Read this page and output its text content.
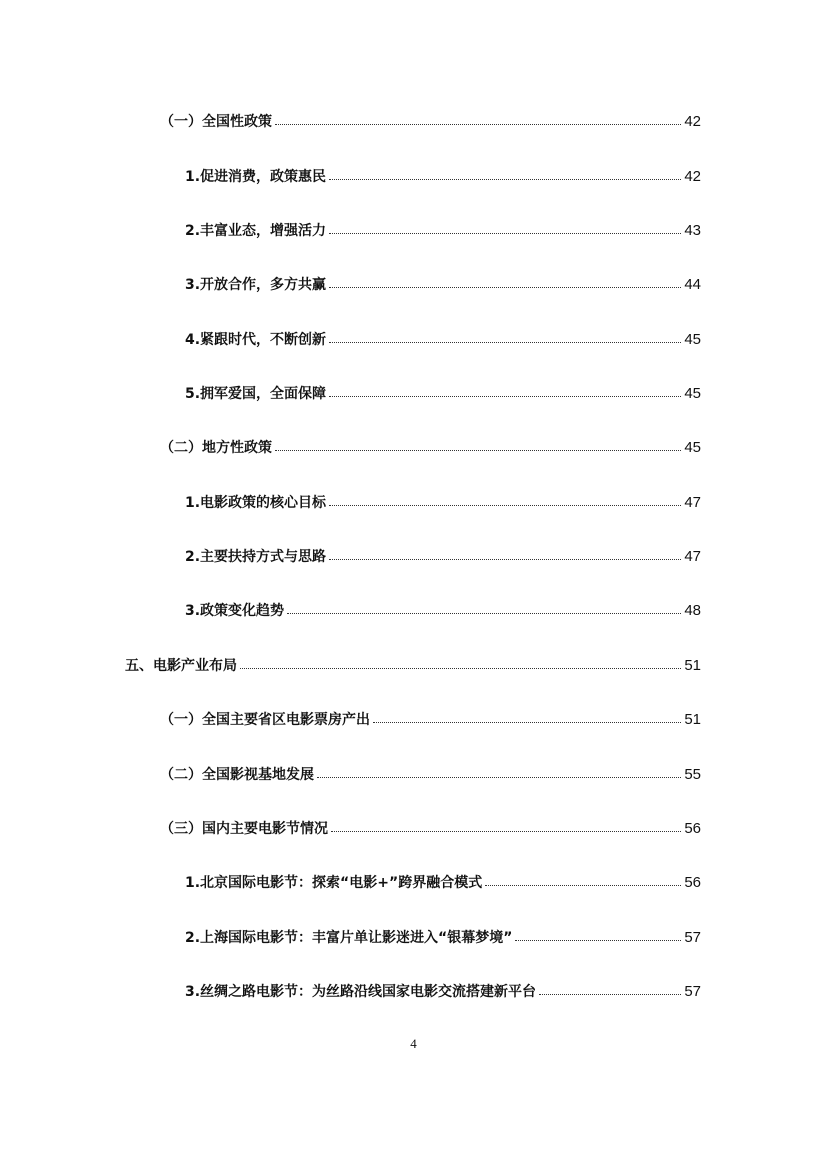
（一）全国性政策	42
1.促进消费，政策惠民	42
2.丰富业态，增强活力	43
3.开放合作，多方共赢	44
4.紧跟时代，不断创新	45
5.拥军爱国，全面保障	45
（二）地方性政策	45
1.电影政策的核心目标	47
2.主要扶持方式与思路	47
3.政策变化趋势	48
五、电影产业布局	51
（一）全国主要省区电影票房产出	51
（二）全国影视基地发展	55
（三）国内主要电影节情况	56
1.北京国际电影节：探索“电影+”跨界融合模式	56
2.上海国际电影节：丰富片单让影迷进入“银幕梦境”	57
3.丝绸之路电影节：为丝路沿线国家电影交流搭建新平台	57
4
